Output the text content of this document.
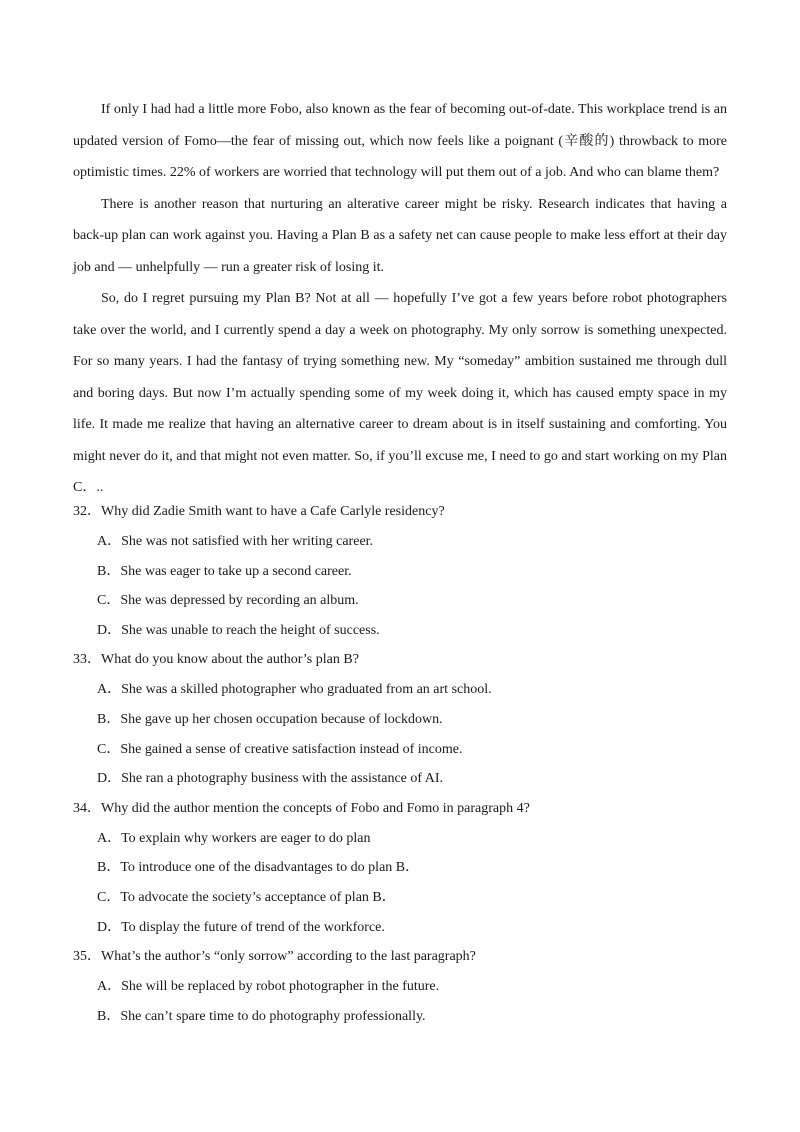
If only I had had a little more Fobo, also known as the fear of becoming out-of-date. This workplace trend is an updated version of Fomo—the fear of missing out, which now feels like a poignant (辛酸的) throwback to more optimistic times. 22% of workers are worried that technology will put them out of a job. And who can blame them?

There is another reason that nurturing an alterative career might be risky. Research indicates that having a back-up plan can work against you. Having a Plan B as a safety net can cause people to make less effort at their day job and — unhelpfully — run a greater risk of losing it.

So, do I regret pursuing my Plan B? Not at all — hopefully I’ve got a few years before robot photographers take over the world, and I currently spend a day a week on photography. My only sorrow is something unexpected. For so many years. I had the fantasy of trying something new. My “someday” ambition sustained me through dull and boring days. But now I’m actually spending some of my week doing it, which has caused empty space in my life. It made me realize that having an alternative career to dream about is in itself sustaining and comforting. You might never do it, and that might not even matter. So, if you’ll excuse me, I need to go and start working on my Plan C．..

32．Why did Zadie Smith want to have a Cafe Carlyle residency?
A．She was not satisfied with her writing career.
B．She was eager to take up a second career.
C．She was depressed by recording an album.
D．She was unable to reach the height of success.
33．What do you know about the author’s plan B?
A．She was a skilled photographer who graduated from an art school.
B．She gave up her chosen occupation because of lockdown.
C．She gained a sense of creative satisfaction instead of income.
D．She ran a photography business with the assistance of AI.
34．Why did the author mention the concepts of Fobo and Fomo in paragraph 4?
A．To explain why workers are eager to do plan
B．To introduce one of the disadvantages to do plan B．
C．To advocate the society’s acceptance of plan B．
D．To display the future of trend of the workforce.
35．What’s the author’s “only sorrow” according to the last paragraph?
A．She will be replaced by robot photographer in the future.
B．She can’t spare time to do photography professionally.
